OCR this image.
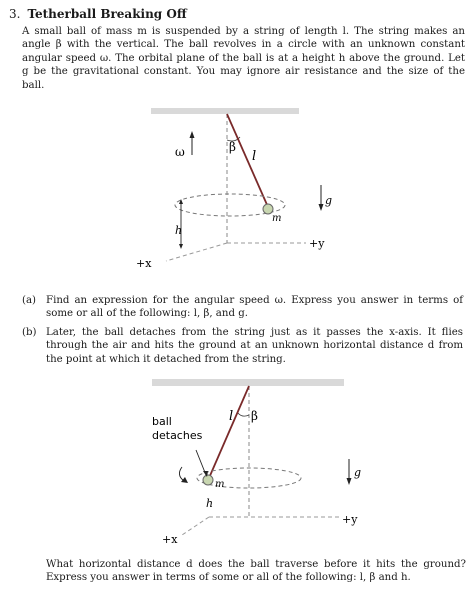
3. Tetherball Breaking Off
A small ball of mass m is suspended by a string of length l. The string makes an angle β with the vertical. The ball revolves in a circle with an unknown constant angular speed ω. The orbital plane of the ball is at a height h above the ground. Let g be the gravitational constant. You may ignore air resistance and the size of the ball.
ω	β
l
g
m
h
+y
+x
(a) Find an expression for the angular speed ω. Express you answer in terms of some or all of the following: l, β, and g.
(b) Later, the ball detaches from the string just as it passes the x-axis. It flies through the air and hits the ground at an unknown horizontal distance d from the point at which it detached from the string.
ball
detaches
l β
m
g
h
+y
+x
What horizontal distance d does the ball traverse before it hits the ground? Express you answer in terms of some or all of the following: l, β and h.
